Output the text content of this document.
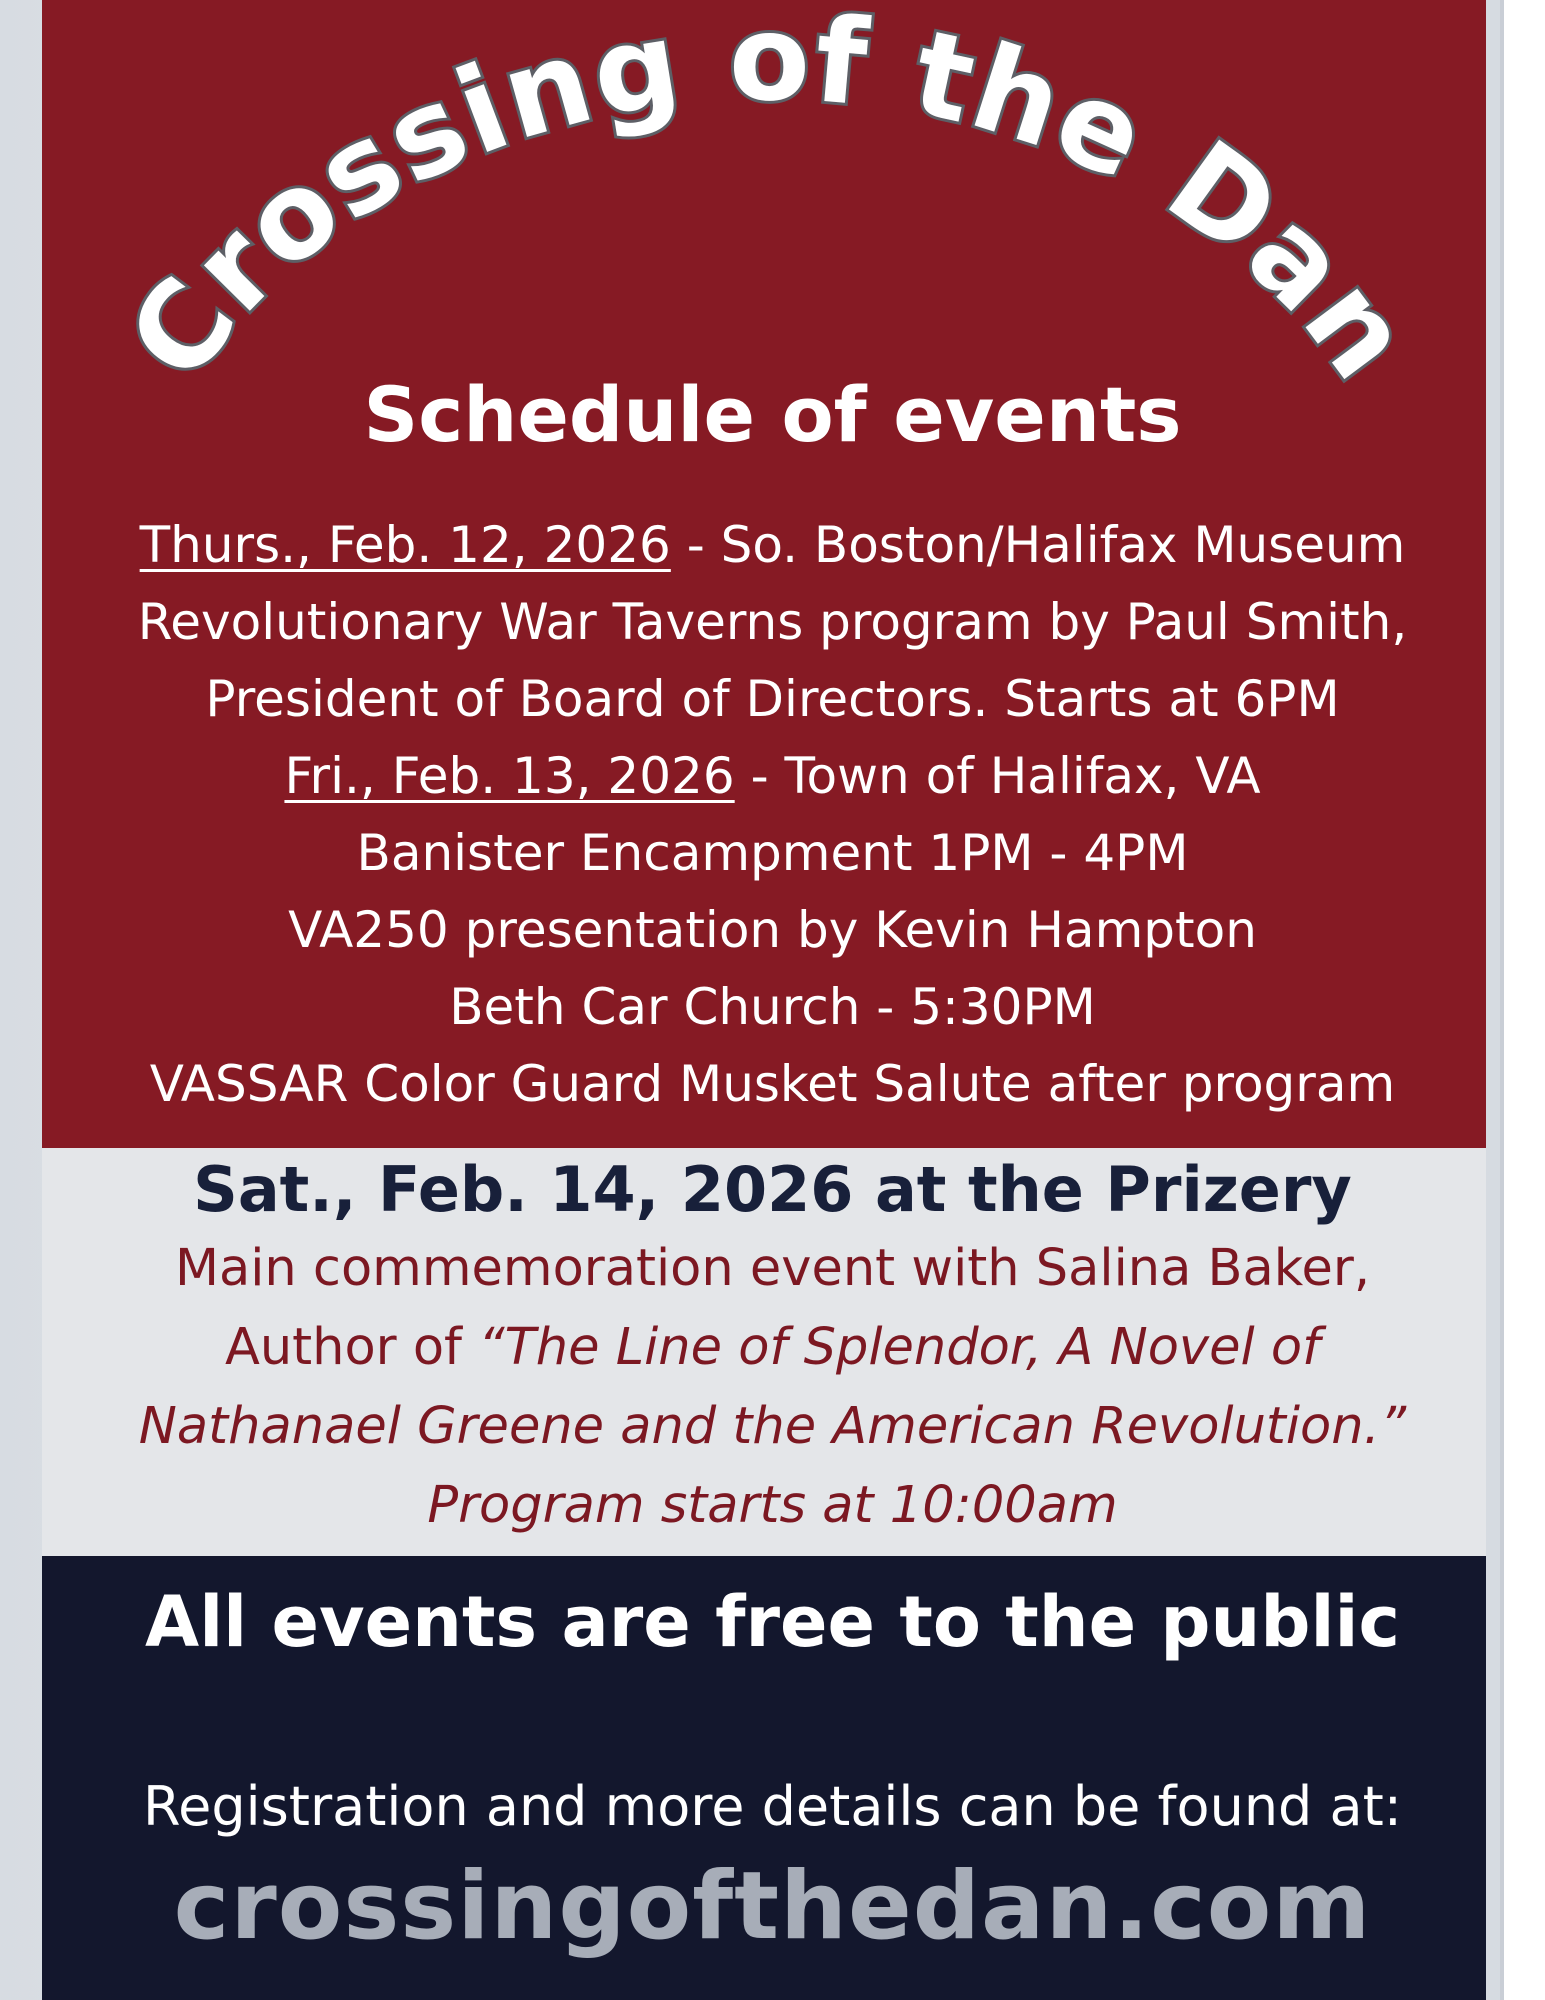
Crossing of the Dan

Schedule of events

Thurs., Feb. 12, 2026 - So. Boston/Halifax Museum

Revolutionary War Taverns program by Paul Smith,

President of Board of Directors. Starts at 6PM

Fri., Feb. 13, 2026 - Town of Halifax, VA

Banister Encampment 1PM - 4PM

VA250 presentation by Kevin Hampton

Beth Car Church - 5:30PM

VASSAR Color Guard Musket Salute after program

Sat., Feb. 14, 2026 at the Prizery

Main commemoration event with Salina Baker,

Author of “The Line of Splendor, A Novel of

Nathanael Greene and the American Revolution.”

Program starts at 10:00am

All events are free to the public

Registration and more details can be found at:

crossingofthedan.com
